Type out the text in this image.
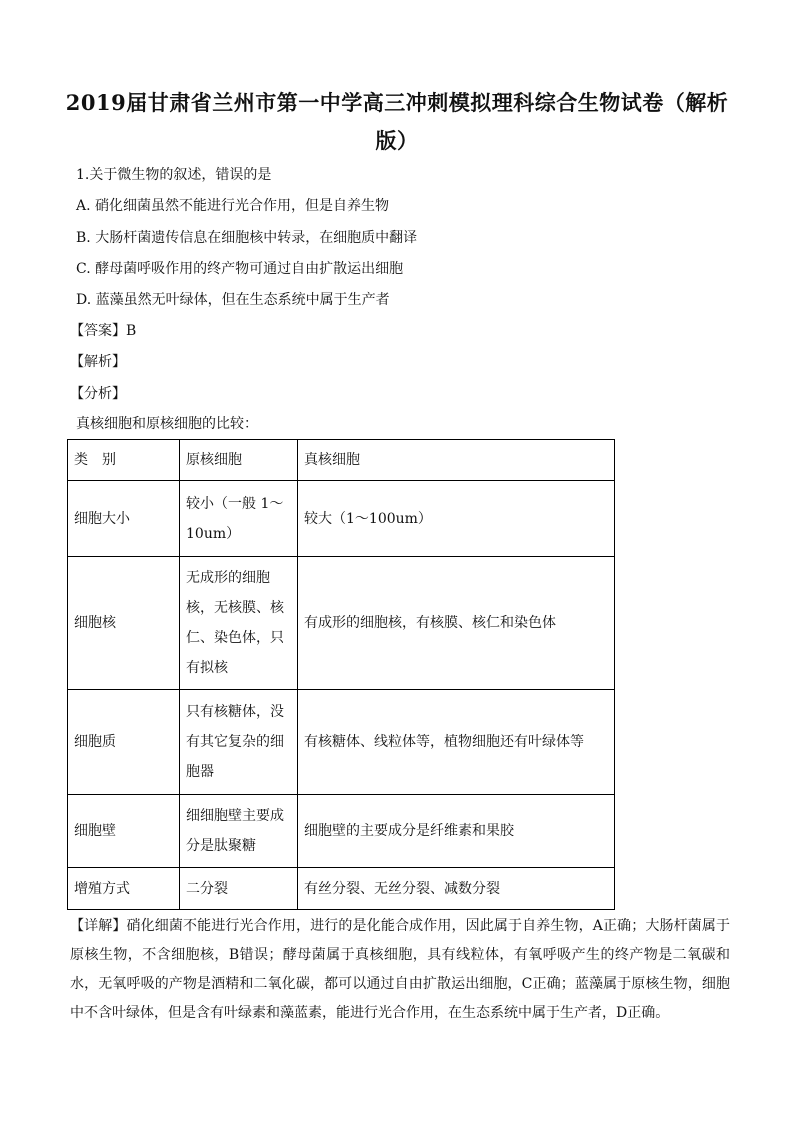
2019届甘肃省兰州市第一中学高三冲刺模拟理科综合生物试卷（解析版）
1.关于微生物的叙述，错误的是
A. 硝化细菌虽然不能进行光合作用，但是自养生物
B. 大肠杆菌遗传信息在细胞核中转录，在细胞质中翻译
C. 酵母菌呼吸作用的终产物可通过自由扩散运出细胞
D. 蓝藻虽然无叶绿体，但在生态系统中属于生产者
【答案】B
【解析】
【分析】
真核细胞和原核细胞的比较：
类　别	原核细胞	真核细胞
细胞大小	较小（一般 1～10um）	较大（1～100um）
细胞核	无成形的细胞核，无核膜、核仁、染色体，只有拟核	有成形的细胞核，有核膜、核仁和染色体
细胞质	只有核糖体，没有其它复杂的细胞器	有核糖体、线粒体等，植物细胞还有叶绿体等
细胞壁	细细胞壁主要成分是肽聚糖	细胞壁的主要成分是纤维素和果胶
增殖方式	二分裂	有丝分裂、无丝分裂、减数分裂
【详解】硝化细菌不能进行光合作用，进行的是化能合成作用，因此属于自养生物，A正确；大肠杆菌属于原核生物，不含细胞核，B错误；酵母菌属于真核细胞，具有线粒体，有氧呼吸产生的终产物是二氧碳和水，无氧呼吸的产物是酒精和二氧化碳，都可以通过自由扩散运出细胞，C正确；蓝藻属于原核生物，细胞中不含叶绿体，但是含有叶绿素和藻蓝素，能进行光合作用，在生态系统中属于生产者，D正确。
